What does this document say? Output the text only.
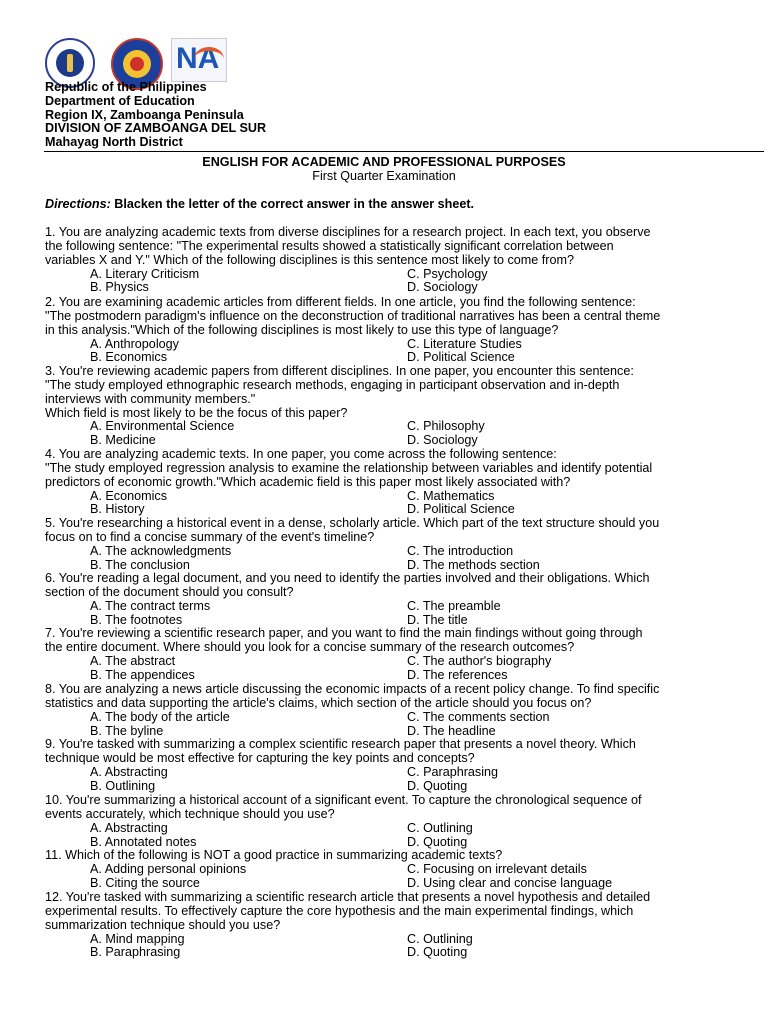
NA
Republic of the Philippines
Department of Education
Region IX, Zamboanga Peninsula
DIVISION OF ZAMBOANGA DEL SUR
Mahayag North District
ENGLISH FOR ACADEMIC AND PROFESSIONAL PURPOSES
First Quarter Examination
Directions: Blacken the letter of the correct answer in the answer sheet.
1. You are analyzing academic texts from diverse disciplines for a research project. In each text, you observe
the following sentence: "The experimental results showed a statistically significant correlation between
variables X and Y." Which of the following disciplines is this sentence most likely to come from?
A. Literary Criticism	C. Psychology
B. Physics	D. Sociology
2. You are examining academic articles from different fields. In one article, you find the following sentence:
"The postmodern paradigm's influence on the deconstruction of traditional narratives has been a central theme
in this analysis."Which of the following disciplines is most likely to use this type of language?
A. Anthropology	C. Literature Studies
B. Economics	D. Political Science
3. You're reviewing academic papers from different disciplines. In one paper, you encounter this sentence:
"The study employed ethnographic research methods, engaging in participant observation and in-depth
interviews with community members."
Which field is most likely to be the focus of this paper?
A. Environmental Science	C. Philosophy
B. Medicine	D. Sociology
4. You are analyzing academic texts. In one paper, you come across the following sentence:
"The study employed regression analysis to examine the relationship between variables and identify potential
predictors of economic growth."Which academic field is this paper most likely associated with?
A. Economics	C. Mathematics
B. History	D. Political Science
5. You're researching a historical event in a dense, scholarly article. Which part of the text structure should you
focus on to find a concise summary of the event's timeline?
A. The acknowledgments	C. The introduction
B. The conclusion	D. The methods section
6. You're reading a legal document, and you need to identify the parties involved and their obligations. Which
section of the document should you consult?
A. The contract terms	C. The preamble
B. The footnotes	D. The title
7. You're reviewing a scientific research paper, and you want to find the main findings without going through
the entire document. Where should you look for a concise summary of the research outcomes?
A. The abstract	C. The author's biography
B. The appendices	D. The references
8. You are analyzing a news article discussing the economic impacts of a recent policy change. To find specific
statistics and data supporting the article's claims, which section of the article should you focus on?
A. The body of the article	C. The comments section
B. The byline	D. The headline
9. You're tasked with summarizing a complex scientific research paper that presents a novel theory. Which
technique would be most effective for capturing the key points and concepts?
A. Abstracting	C. Paraphrasing
B. Outlining	D. Quoting
10. You're summarizing a historical account of a significant event. To capture the chronological sequence of
events accurately, which technique should you use?
A. Abstracting	C. Outlining
B. Annotated notes	D. Quoting
11. Which of the following is NOT a good practice in summarizing academic texts?
A. Adding personal opinions	C. Focusing on irrelevant details
B. Citing the source	D. Using clear and concise language
12. You're tasked with summarizing a scientific research article that presents a novel hypothesis and detailed
experimental results. To effectively capture the core hypothesis and the main experimental findings, which
summarization technique should you use?
A. Mind mapping	C. Outlining
B. Paraphrasing	D. Quoting
